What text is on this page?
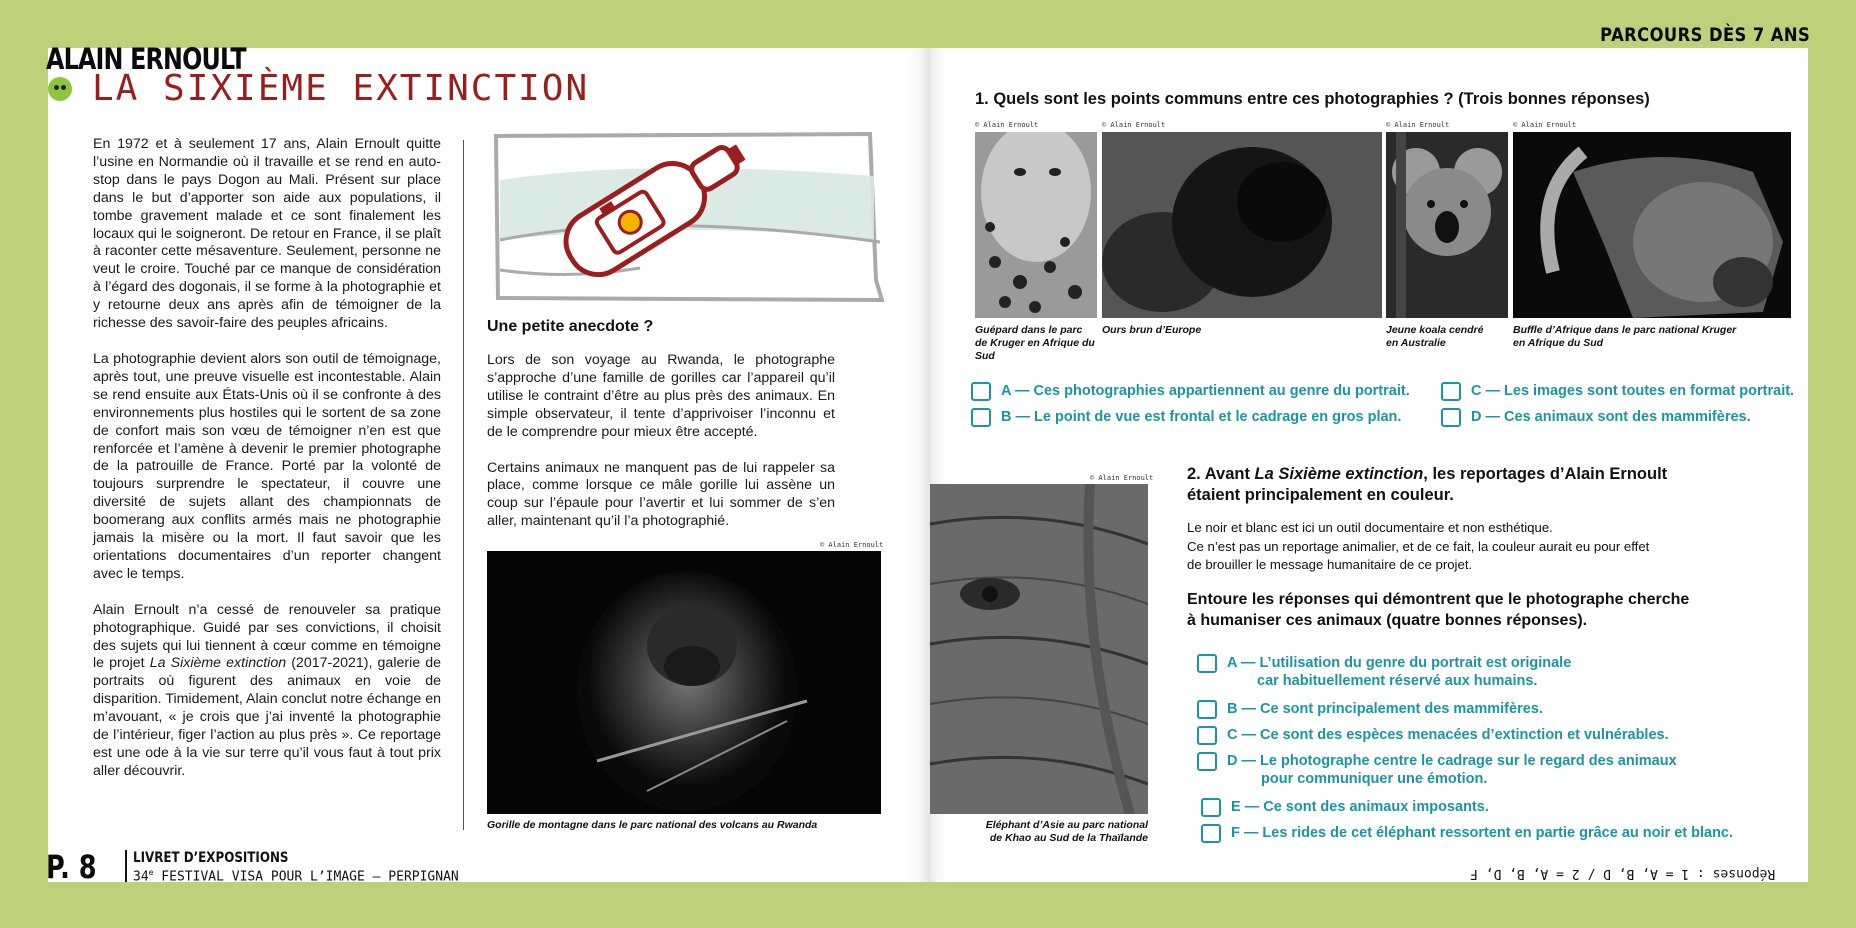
ALAIN ERNOULT
LA SIXIÈME EXTINCTION

En 1972 et à seulement 17 ans, Alain Ernoult quitte l’usine en Normandie où il travaille et se rend en auto-stop dans le pays Dogon au Mali. Présent sur place dans le but d’apporter son aide aux populations, il tombe gravement malade et ce sont finalement les locaux qui le soigneront. De retour en France, il se plaît à raconter cette mésaventure. Seulement, personne ne veut le croire. Touché par ce manque de considération à l’égard des dogonais, il se forme à la photographie et y retourne deux ans après afin de témoigner de la richesse des savoir-faire des peuples africains.

La photographie devient alors son outil de témoignage, après tout, une preuve visuelle est incontestable. Alain se rend ensuite aux États-Unis où il se confronte à des environnements plus hostiles qui le sortent de sa zone de confort mais son vœu de témoigner n’en est que renforcée et l’amène à devenir le premier photographe de la patrouille de France. Porté par la volonté de toujours surprendre le spectateur, il couvre une diversité de sujets allant des championnats de boomerang aux conflits armés mais ne photographie jamais la misère ou la mort. Il faut savoir que les orientations documentaires d’un reporter changent avec le temps.

Alain Ernoult n’a cessé de renouveler sa pratique photographique. Guidé par ses convictions, il choisit des sujets qui lui tiennent à cœur comme en témoigne le projet La Sixième extinction (2017-2021), galerie de portraits où figurent des animaux en voie de disparition. Timidement, Alain conclut notre échange en m’avouant, « je crois que j’ai inventé la photographie de l’intérieur, figer l’action au plus près ». Ce reportage est une ode à la vie sur terre qu’il vous faut à tout prix aller découvrir.

Une petite anecdote ?

Lors de son voyage au Rwanda, le photographe s’approche d’une famille de gorilles car l’appareil qu’il utilise le contraint d’être au plus près des animaux. En simple observateur, il tente d’apprivoiser l’inconnu et de le comprendre pour mieux être accepté.

Certains animaux ne manquent pas de lui rappeler sa place, comme lorsque ce mâle gorille lui assène un coup sur l’épaule pour l’avertir et lui sommer de s’en aller, maintenant qu’il l’a photographié.

© Alain Ernoult
Gorille de montagne dans le parc national des volcans au Rwanda
P. 8	LIVRET D’EXPOSITIONS
34e FESTIVAL VISA POUR L’IMAGE – PERPIGNAN
PARCOURS DÈS 7 ANS
1. Quels sont les points communs entre ces photographies ? (Trois bonnes réponses)
© Alain Ernoult	© Alain Ernoult	© Alain Ernoult	© Alain Ernoult
Guépard dans le parc de Kruger en Afrique du Sud
Ours brun d’Europe	Jeune koala cendré en Australie
Buffle d’Afrique dans le parc national Kruger en Afrique du Sud
A — Ces photographies appartiennent au genre du portrait.
B — Le point de vue est frontal et le cadrage en gros plan.
C — Les images sont toutes en format portrait.
D — Ces animaux sont des mammifères.
© Alain Ernoult
Eléphant d’Asie au parc national
de Khao au Sud de la Thaïlande
2. Avant La Sixième extinction, les reportages d’Alain Ernoult
étaient principalement en couleur.
Le noir et blanc est ici un outil documentaire et non esthétique.
Ce n’est pas un reportage animalier, et de ce fait, la couleur aurait eu pour effet
de brouiller le message humanitaire de ce projet.
Entoure les réponses qui démontrent que le photographe cherche
à humaniser ces animaux (quatre bonnes réponses).
A — L’utilisation du genre du portrait est originale
car habituellement réservé aux humains.
B — Ce sont principalement des mammifères.
C — Ce sont des espèces menacées d’extinction et vulnérables.
D — Le photographe centre le cadrage sur le regard des animaux
pour communiquer une émotion.
E — Ce sont des animaux imposants.
F — Les rides de cet éléphant ressortent en partie grâce au noir et blanc.
Réponses : 1 = A, B, D / 2 = A, B, D, F
